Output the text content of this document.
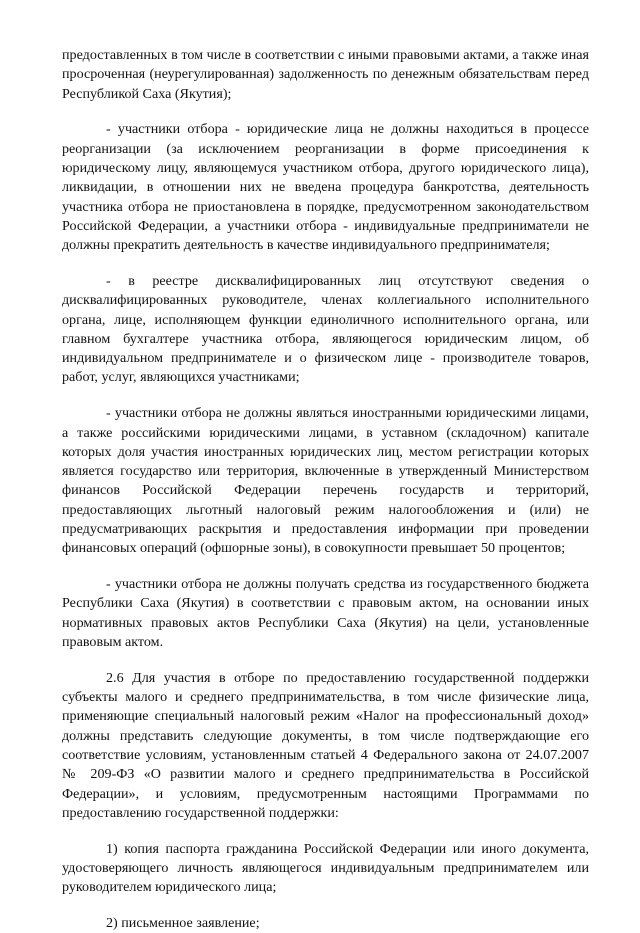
предоставленных в том числе в соответствии с иными правовыми актами, а также иная просроченная (неурегулированная) задолженность по денежным обязательствам перед Республикой Саха (Якутия);

- участники отбора - юридические лица не должны находиться в процессе реорганизации (за исключением реорганизации в форме присоединения к юридическому лицу, являющемуся участником отбора, другого юридического лица), ликвидации, в отношении них не введена процедура банкротства, деятельность участника отбора не приостановлена в порядке, предусмотренном законодательством Российской Федерации, а участники отбора - индивидуальные предприниматели не должны прекратить деятельность в качестве индивидуального предпринимателя;

- в реестре дисквалифицированных лиц отсутствуют сведения о дисквалифицированных руководителе, членах коллегиального исполнительного органа, лице, исполняющем функции единоличного исполнительного органа, или главном бухгалтере участника отбора, являющегося юридическим лицом, об индивидуальном предпринимателе и о физическом лице - производителе товаров, работ, услуг, являющихся участниками;

- участники отбора не должны являться иностранными юридическими лицами, а также российскими юридическими лицами, в уставном (складочном) капитале которых доля участия иностранных юридических лиц, местом регистрации которых является государство или территория, включенные в утвержденный Министерством финансов Российской Федерации перечень государств и территорий, предоставляющих льготный налоговый режим налогообложения и (или) не предусматривающих раскрытия и предоставления информации при проведении финансовых операций (офшорные зоны), в совокупности превышает 50 процентов;

- участники отбора не должны получать средства из государственного бюджета Республики Саха (Якутия) в соответствии с правовым актом, на основании иных нормативных правовых актов Республики Саха (Якутия) на цели, установленные правовым актом.

2.6 Для участия в отборе по предоставлению государственной поддержки субъекты малого и среднего предпринимательства, в том числе физические лица, применяющие специальный налоговый режим «Налог на профессиональный доход» должны представить следующие документы, в том числе подтверждающие его соответствие условиям, установленным статьей 4 Федерального закона от 24.07.2007 № 209-ФЗ «О развитии малого и среднего предпринимательства в Российской Федерации», и условиям, предусмотренным настоящими Программами по предоставлению государственной поддержки:

1) копия паспорта гражданина Российской Федерации или иного документа, удостоверяющего личность являющегося индивидуальным предпринимателем или руководителем юридического лица;

2) письменное заявление;
